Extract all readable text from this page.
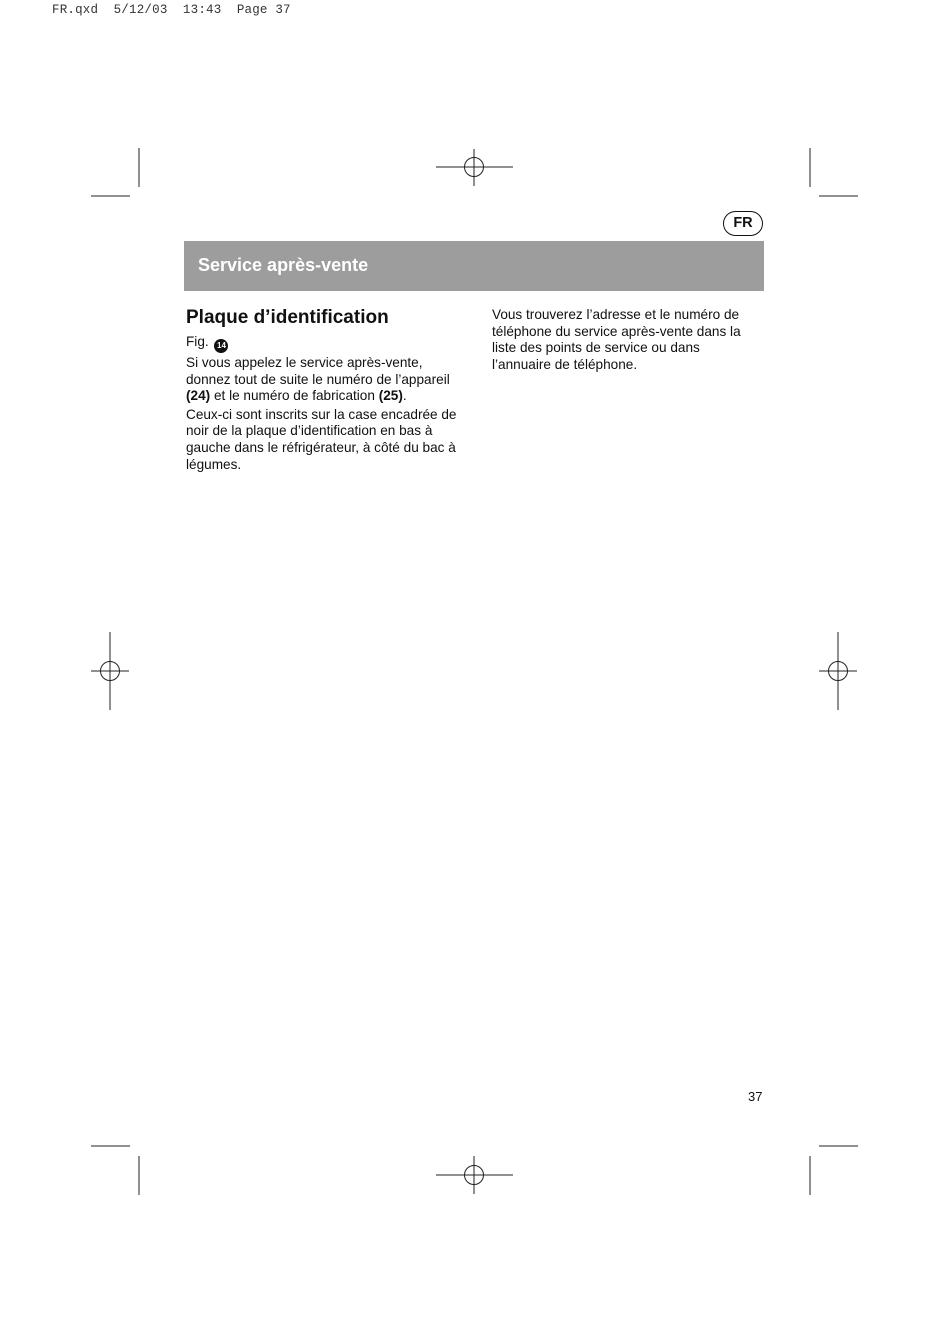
FR.qxd  5/12/03  13:43  Page 37
FR
Service après-vente
Plaque d’identification
Fig. 14

Si vous appelez le service après-vente, donnez tout de suite le numéro de l’appareil (24) et le numéro de fabrication (25).

Ceux-ci sont inscrits sur la case encadrée de noir de la plaque d’identification en bas à gauche dans le réfrigérateur, à côté du bac à légumes.

Vous trouverez l’adresse et le numéro de téléphone du service après-vente dans la liste des points de service ou dans l’annuaire de téléphone.

37
